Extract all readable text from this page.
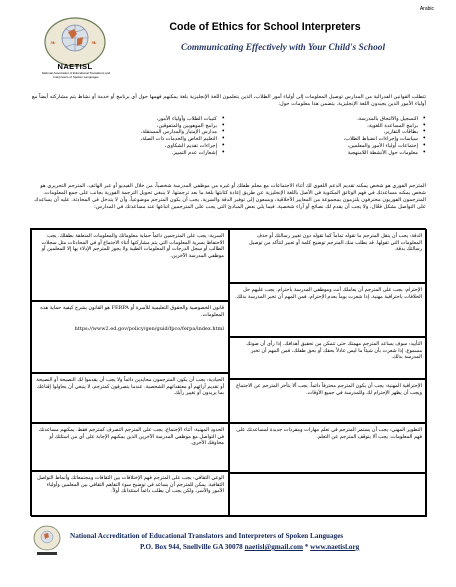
Arabic
❧	❧
NAETISL
National Association of Educational Translators and Interpreters of Spoken Languages
Code of Ethics for School Interpreters
Communicating Effectively with Your Child's School

تتطلب القوانين الفدرالية من المدارس توصيل المعلومات إلى أولياء أمور الطلاب، الذين يتعلمون اللغة الإنجليزية بلغة يمكنهم فهمها حول أي برنامج أو خدمة أو نشاط يتم مشاركته أيضاً مع أولياء الأمور الذين يجيدون اللغة الإنجليزية. يتضمن هذا معلومات حول:

التسجيل والالتحاق بالمدرسة، •
برامج المساعدة اللغوية، •
بطاقات التقارير، •
سياسات وإجراءات انضباط الطلاب، •
إجتماعات أولياء الأمور والمعلمين، •
معلومات حول الأنشطة اللامنهجية •
كتيبات الطلاب وأولياء الأمور، •
برامج الموهوبين والمتفوقين، •
مدارس الإمتياز والمدارس المستقلة، •
التعليم الخاص والخدمات ذات الصلة، •
إجراءات تقديم الشكاوى، •
إشعارات عدم التمييز. •

المترجم الفوري هو شخص يمكنه تقديم الدعم اللغوي لك أثناء الاجتماعات مع معلم طفلك أو غيره من موظفي المدرسة شخصياً، من خلال الفيديو أو عبر الهاتف. المترجم التحريري هو شخص يمكنه مساعدتك في فهم الوثائق المكتوبة في الأصل باللغة الإنجليزية عن طريق إعادة كتابتها بلغة ما بعد ترجمتها. لا ينبغي تحويل الترجمة الفورية بجانب على جمع المعلومات. المترجمون الفوريون محترفون يلتزمون بمجموعة من المعايير الأخلاقية، ويسعون إلى توفير الدقة والسرية. يجب أن يكون المترجم موضوعياً، وأن لا يتدخل في المحادثة. عليه أن يساعدك على التواصل بشكل فعّال، ولا يجب أن يقدم لك نصائح أو آراء شخصية. فيما يلي بعض المبادئ التي يجب على المترجمين اتباعها عند مساعدتك في المدارس:

الدقة: يجب أن ينقل المترجم ما تقوله تماماً كما تقوله دون تغيير رسالتك أو حذف المعلومات التي تقولها. قد يطلب منك المترجم توضيح كلمة أو تعبير لتتأكد من توصيل رسالتك بدقة.
الإحترام: يجب على المترجم أن يعاملك أنت وموظفي المدرسة باحترام. يجب عليهم حل الخلافات باحترافية مهنية. إذا شعرت يوماً بعدم الإحترام، فمن المهم أن تخبر المدرسة بذلك.
التأييد: سوف يساعد المترجم مهمتك حتى تتمكن من تحقيق أهدافك. إذا رأى أن صوتك مسموع. إذا شعرت بأن شيئاً ما ليس عادلاً بحقك أو بحق طفلك، فمن المهم أن تخبر المدرسة بذلك.
الإحترافية المهنية: يجب أن يكون المترجم محترفاً دائماً. يجب ألا يتأخر المترجم عن الاجتماع ويجب أن يظهر الإحترام لك وللمدرسة في جميع الأوقات.
التطوير المهني: يجب أن يستمر المترجم في تعلم مهارات ومفردات جديدة لمساعدتك على فهم المعلومات. يجب ألا يتوقف المترجم عن التعلم.
السرية: يجب على المترجمين دائماً حماية معلوماتك والمعلومات المتعلقة بطفلك. يجب الاحتفاظ بسرية المعلومات التي يتم مشاركتها أثناء الاجتماع أو في المحادثات مثل سجلات الطالب أو سجل الدرجات أو المعلومات الطبية ولا يجوز للمترجم الإدلاء بها إلا للمعلمين أو موظفي المدرسة الآخرين.
قانون الخصوصية والحقوق التعليمية للأسرة أو FERPA هو القانون يشرح كيفية حماية هذه المعلومات.
https://www2.ed.gov/policy/gen/guid/fpco/ferpa/index.html
الحيادية: يجب أن يكون المترجمون محايدين دائماً ولا يجب أن يقدموا لك النصيحة أو النصيحة أو تقديم آرائهم أو معتقداتهم الشخصية. عندما يتصرفون كمترجم، لا ينبغي أن يحاولوا إقناعك بما يريدون أو تغيير رأيك.
الحدود المهنية: أثناء الإجتماع، يجب على المترجم التصرف كمترجم فقط. يمكنهم مساعدتك في التواصل مع موظفي المدرسة الآخرين الذين يمكنهم الإجابة على أي من استلتك أو مخاوفك الأخرى.
الوعي الثقافي: يجب على المترجم فهم الإختلافات بين الثقافات ومجتمعاتك وأنماط التواصل الثقافية. يمكن للمترجم أن يساعد في توضيح سوء التفاهم الثقافي بين المعلمين وأولياء الأمور والأسر، ولكن يجب أن يطلب دائماً استئذانك أولاً.
National Accreditation of Educational Translators and Interpreters of Spoken Languages
P.O. Box 944, Snellville GA 30078 naetisl@gmail.com * www.naetisl.org
